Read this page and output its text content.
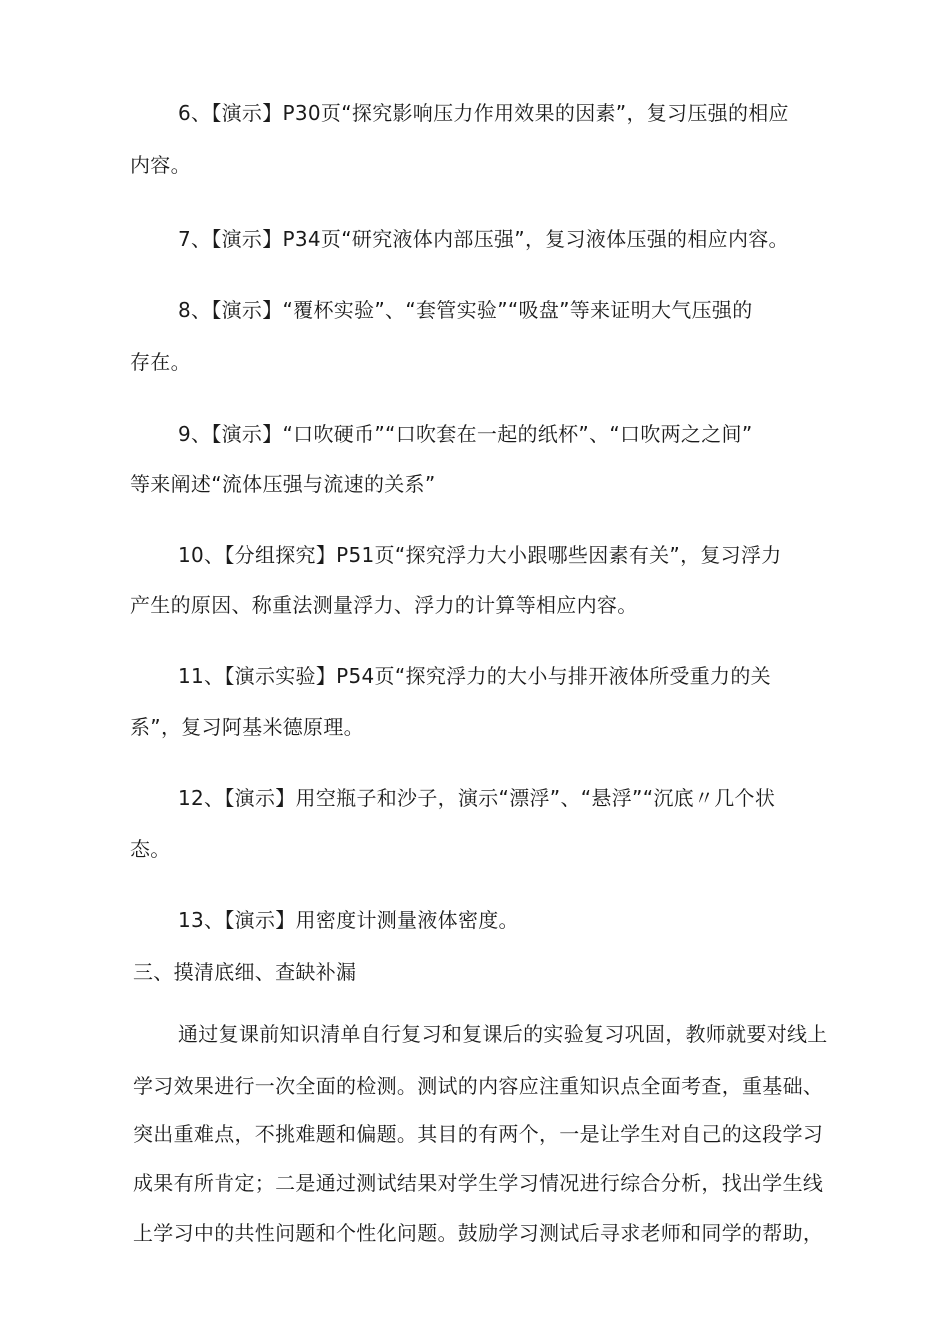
6、【演示】P30页“探究影响压力作用效果的因素”，复习压强的相应
内容。
7、【演示】P34页“研究液体内部压强”，复习液体压强的相应内容。
8、【演示】“覆杯实验”、“套管实验”“吸盘”等来证明大气压强的
存在。
9、【演示】“口吹硬币”“口吹套在一起的纸杯”、“口吹两之之间”
等来阐述“流体压强与流速的关系”
10、【分组探究】P51页“探究浮力大小跟哪些因素有关”，复习浮力
产生的原因、称重法测量浮力、浮力的计算等相应内容。
11、【演示实验】P54页“探究浮力的大小与排开液体所受重力的关
系”，复习阿基米德原理。
12、【演示】用空瓶子和沙子，演示“漂浮”、“悬浮”“沉底〃几个状
态。
13、【演示】用密度计测量液体密度。
三、摸清底细、查缺补漏
通过复课前知识清单自行复习和复课后的实验复习巩固，教师就要对线上
学习效果进行一次全面的检测。测试的内容应注重知识点全面考查，重基础、
突出重难点，不挑难题和偏题。其目的有两个，一是让学生对自己的这段学习
成果有所肯定；二是通过测试结果对学生学习情况进行综合分析，找出学生线
上学习中的共性问题和个性化问题。鼓励学习测试后寻求老师和同学的帮助，
